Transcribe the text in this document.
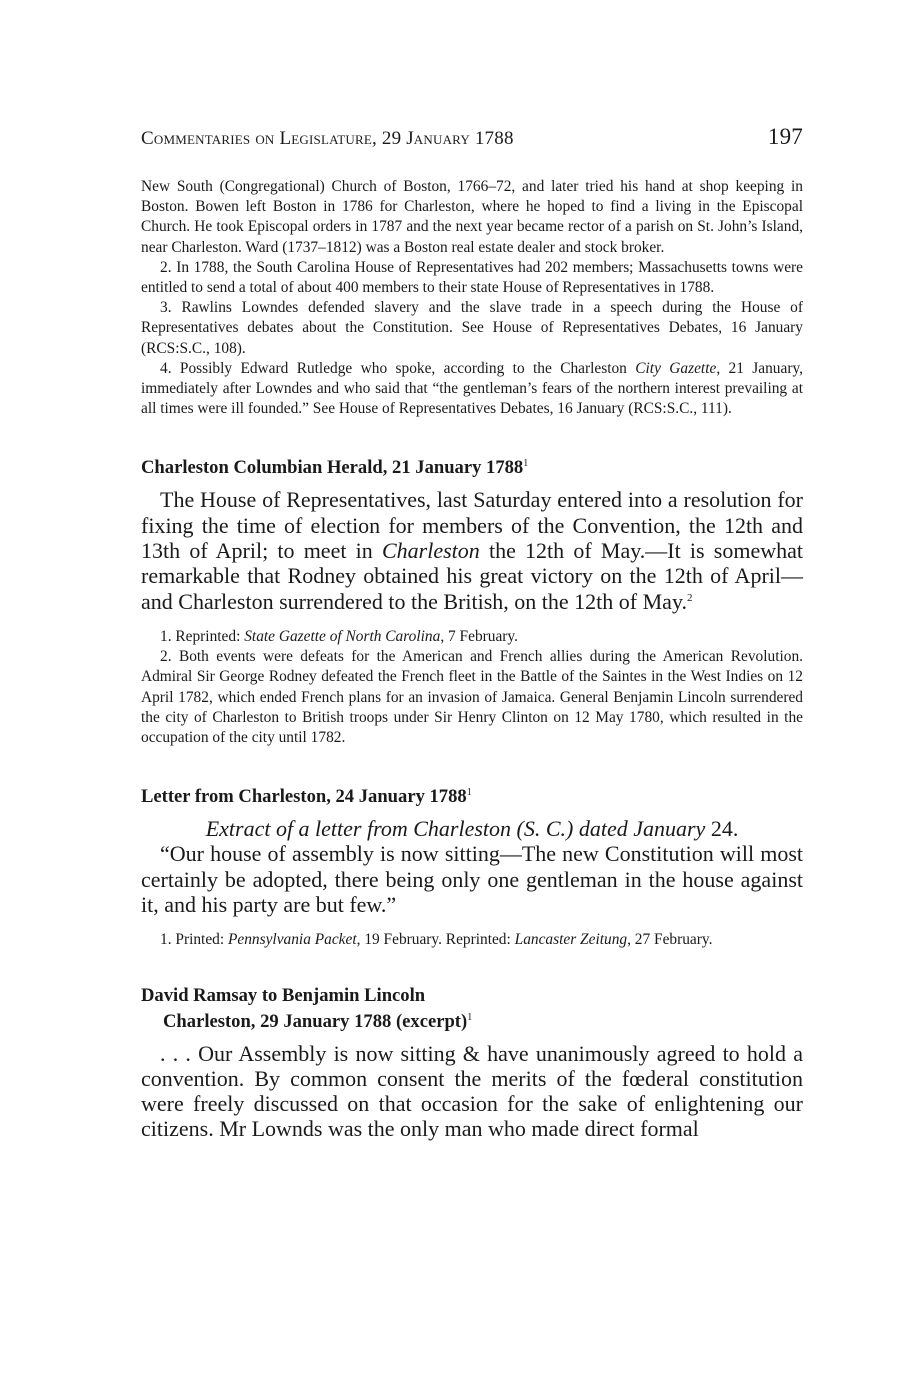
Commentaries on Legislature, 29 January 1788	197

New South (Congregational) Church of Boston, 1766–72, and later tried his hand at shop keeping in Boston. Bowen left Boston in 1786 for Charleston, where he hoped to find a living in the Episcopal Church. He took Episcopal orders in 1787 and the next year became rector of a parish on St. John’s Island, near Charleston. Ward (1737–1812) was a Boston real estate dealer and stock broker.

2. In 1788, the South Carolina House of Representatives had 202 members; Massachusetts towns were entitled to send a total of about 400 members to their state House of Representatives in 1788.

3. Rawlins Lowndes defended slavery and the slave trade in a speech during the House of Representatives debates about the Constitution. See House of Representatives Debates, 16 January (RCS:S.C., 108).

4. Possibly Edward Rutledge who spoke, according to the Charleston City Gazette, 21 January, immediately after Lowndes and who said that “the gentleman’s fears of the northern interest prevailing at all times were ill founded.” See House of Representatives Debates, 16 January (RCS:S.C., 111).

Charleston Columbian Herald, 21 January 1788$^1$

The House of Representatives, last Saturday entered into a resolution for fixing the time of election for members of the Convention, the 12th and 13th of April; to meet in Charleston the 12th of May.—It is somewhat remarkable that Rodney obtained his great victory on the 12th of April—and Charleston surrendered to the British, on the 12th of May.$^2$

1. Reprinted: State Gazette of North Carolina, 7 February.

2. Both events were defeats for the American and French allies during the American Revolution. Admiral Sir George Rodney defeated the French fleet in the Battle of the Saintes in the West Indies on 12 April 1782, which ended French plans for an invasion of Jamaica. General Benjamin Lincoln surrendered the city of Charleston to British troops under Sir Henry Clinton on 12 May 1780, which resulted in the occupation of the city until 1782.

Letter from Charleston, 24 January 1788$^1$

Extract of a letter from Charleston (S. C.) dated January 24.

“Our house of assembly is now sitting—The new Constitution will most certainly be adopted, there being only one gentleman in the house against it, and his party are but few.”

1. Printed: Pennsylvania Packet, 19 February. Reprinted: Lancaster Zeitung, 27 February.

David Ramsay to Benjamin Lincoln
Charleston, 29 January 1788 (excerpt)$^1$

. . . Our Assembly is now sitting & have unanimously agreed to hold a convention. By common consent the merits of the fœderal constitution were freely discussed on that occasion for the sake of enlightening our citizens. Mr Lownds was the only man who made direct formal
